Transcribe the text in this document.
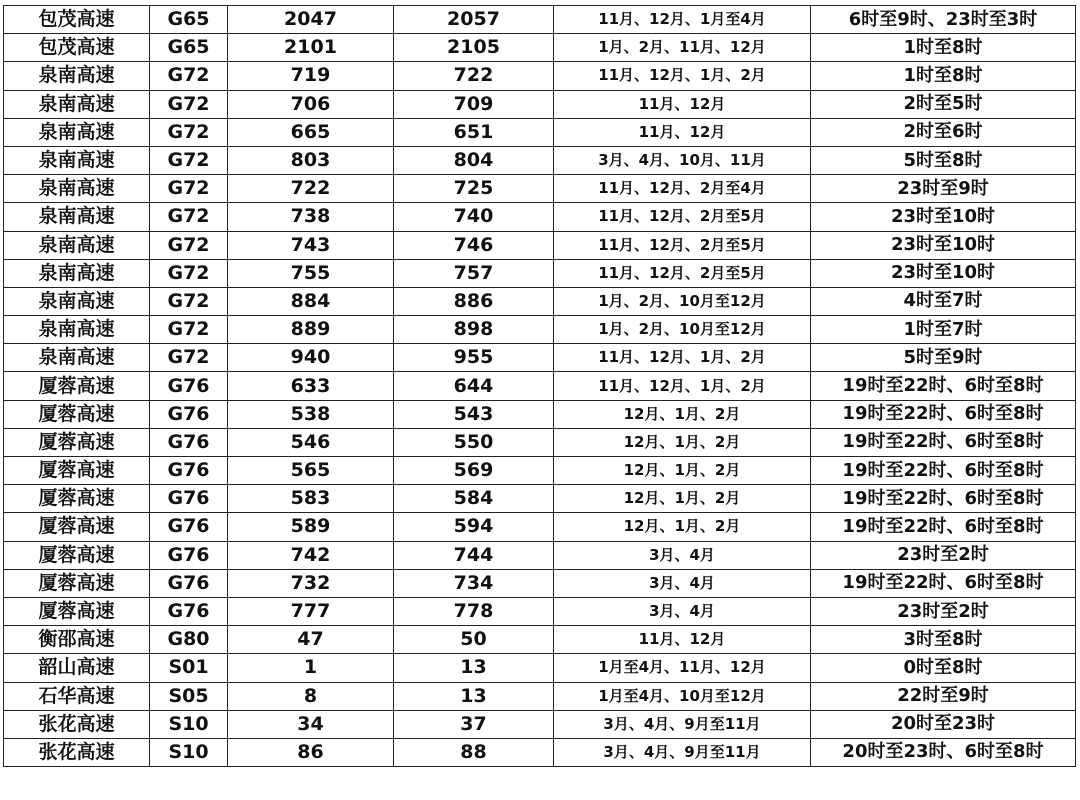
包茂高速	G65	2047	2057	11月、12月、1月至4月	6时至9时、23时至3时
包茂高速	G65	2101	2105	1月、2月、11月、12月	1时至8时
泉南高速	G72	719	722	11月、12月、1月、2月	1时至8时
泉南高速	G72	706	709	11月、12月	2时至5时
泉南高速	G72	665	651	11月、12月	2时至6时
泉南高速	G72	803	804	3月、4月、10月、11月	5时至8时
泉南高速	G72	722	725	11月、12月、2月至4月	23时至9时
泉南高速	G72	738	740	11月、12月、2月至5月	23时至10时
泉南高速	G72	743	746	11月、12月、2月至5月	23时至10时
泉南高速	G72	755	757	11月、12月、2月至5月	23时至10时
泉南高速	G72	884	886	1月、2月、10月至12月	4时至7时
泉南高速	G72	889	898	1月、2月、10月至12月	1时至7时
泉南高速	G72	940	955	11月、12月、1月、2月	5时至9时
厦蓉高速	G76	633	644	11月、12月、1月、2月	19时至22时、6时至8时
厦蓉高速	G76	538	543	12月、1月、2月	19时至22时、6时至8时
厦蓉高速	G76	546	550	12月、1月、2月	19时至22时、6时至8时
厦蓉高速	G76	565	569	12月、1月、2月	19时至22时、6时至8时
厦蓉高速	G76	583	584	12月、1月、2月	19时至22时、6时至8时
厦蓉高速	G76	589	594	12月、1月、2月	19时至22时、6时至8时
厦蓉高速	G76	742	744	3月、4月	23时至2时
厦蓉高速	G76	732	734	3月、4月	19时至22时、6时至8时
厦蓉高速	G76	777	778	3月、4月	23时至2时
衡邵高速	G80	47	50	11月、12月	3时至8时
韶山高速	S01	1	13	1月至4月、11月、12月	0时至8时
石华高速	S05	8	13	1月至4月、10月至12月	22时至9时
张花高速	S10	34	37	3月、4月、9月至11月	20时至23时
张花高速	S10	86	88	3月、4月、9月至11月	20时至23时、6时至8时
